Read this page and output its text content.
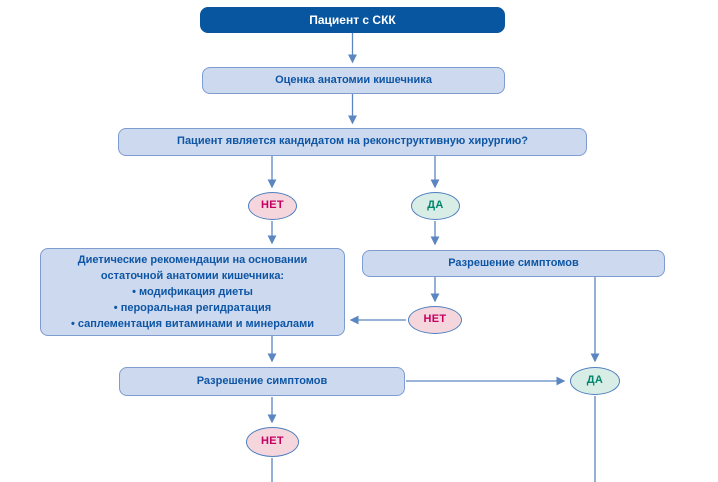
Пациент с СКК
Оценка анатомии кишечника
Пациент является кандидатом на реконструктивную хирургию?
НЕТ	ДА
Диетические рекомендации на основании
остаточной анатомии кишечника:
• модификация диеты
• пероральная регидратация
• саплементация витаминами и минералами
Разрешение симптомов
НЕТ
Разрешение симптомов	ДА
НЕТ
